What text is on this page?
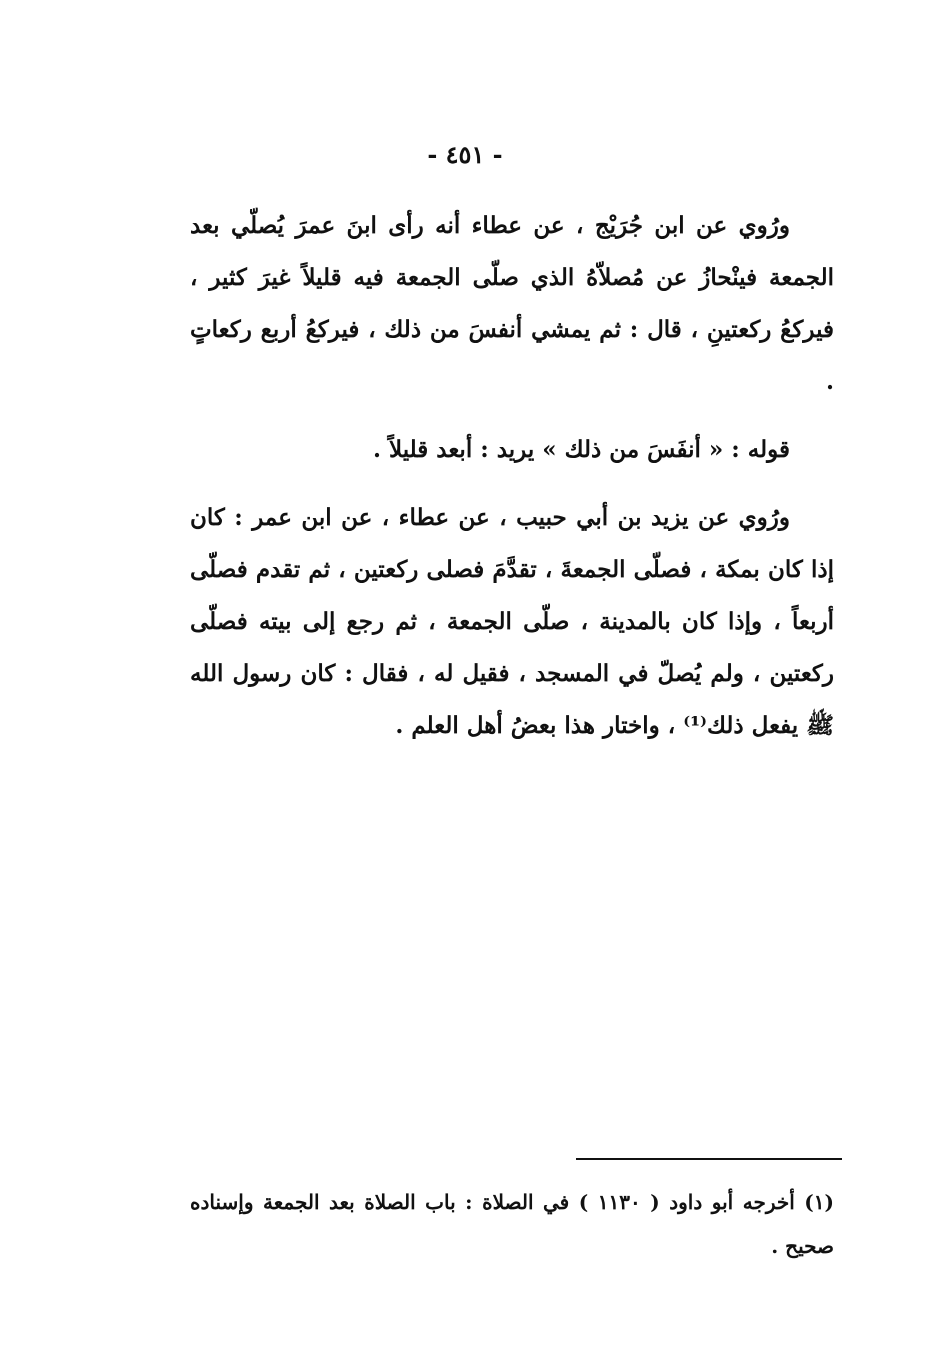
- ٤٥١ -

ورُوي عن ابن جُرَيْج ، عن عطاء أنه رأى ابنَ عمرَ يُصلّي بعد الجمعة فينْحازُ عن مُصلاّهُ الذي صلّى الجمعة فيه قليلاً غيرَ كثير ، فيركعُ ركعتينِ ، قال : ثم يمشي أنفسَ من ذلك ، فيركعُ أربع ركعاتٍ .

قوله : « أنفَسَ من ذلك » يريد : أبعد قليلاً .

ورُوي عن يزيد بن أبي حبيب ، عن عطاء ، عن ابن عمر : كان إذا كان بمكة ، فصلّى الجمعةَ ، تقدَّمَ فصلى ركعتين ، ثم تقدم فصلّى أربعاً ، وإذا كان بالمدينة ، صلّى الجمعة ، ثم رجع إلى بيته فصلّى ركعتين ، ولم يُصلّ في المسجد ، فقيل له ، فقال : كان رسول الله ﷺ يفعل ذلك⁽¹⁾ ، واختار هذا بعضُ أهل العلم .

(١) أخرجه أبو داود ( ١١٣٠ ) في الصلاة : باب الصلاة بعد الجمعة وإسناده صحيح .
